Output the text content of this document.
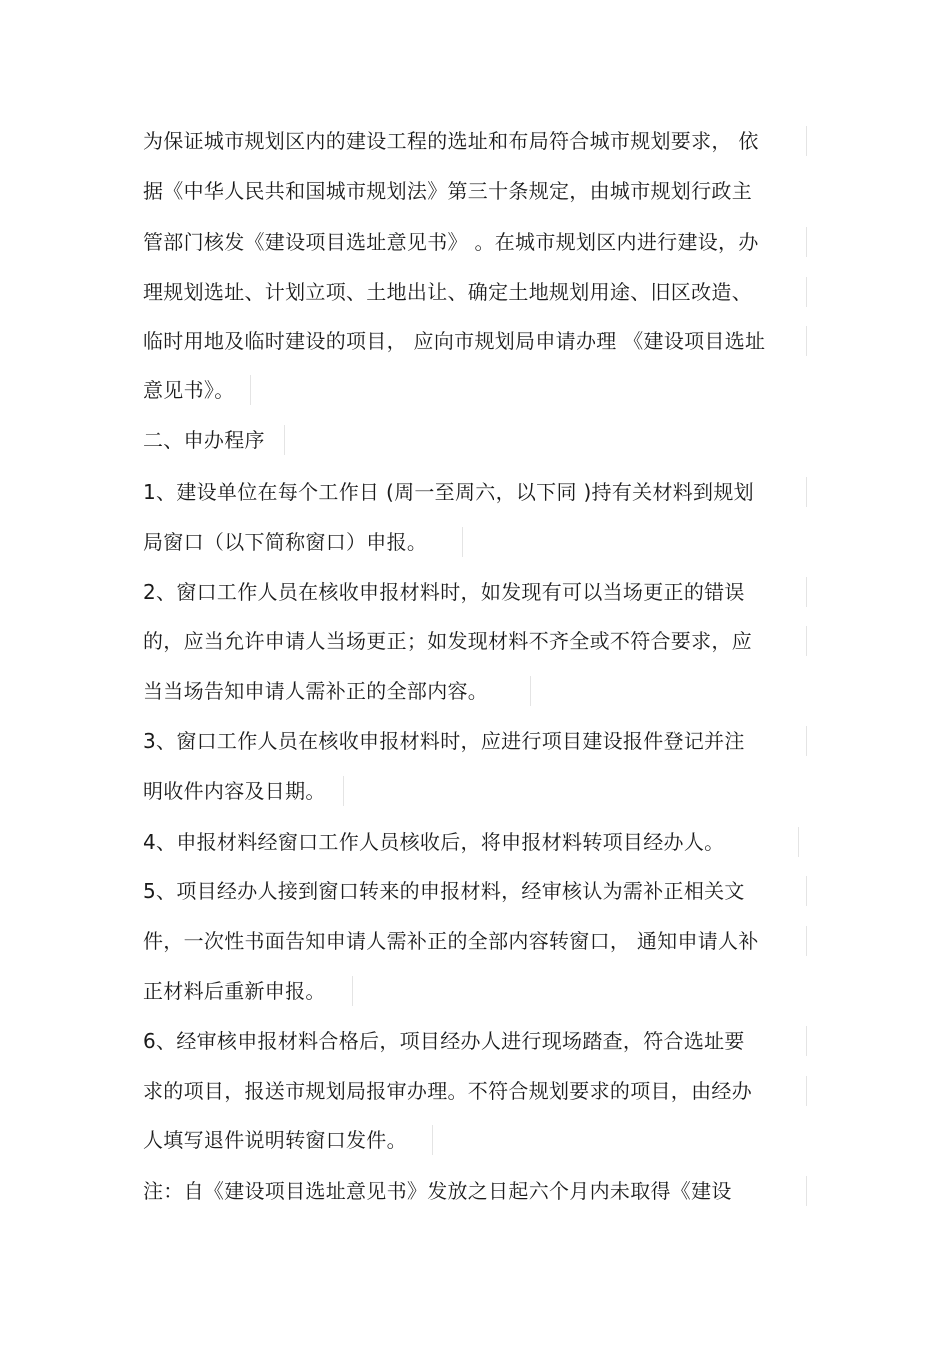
为保证城市规划区内的建设工程的选址和布局符合城市规划要求， 依
据《中华人民共和国城市规划法》第三十条规定，由城市规划行政主
管部门核发《建设项目选址意见书》 。在城市规划区内进行建设，办
理规划选址、计划立项、土地出让、确定土地规划用途、旧区改造、
临时用地及临时建设的项目， 应向市规划局申请办理 《建设项目选址
意见书》。
二、申办程序
1、建设单位在每个工作日 (周一至周六，以下同 )持有关材料到规划
局窗口（以下简称窗口）申报。
2、窗口工作人员在核收申报材料时，如发现有可以当场更正的错误
的，应当允许申请人当场更正；如发现材料不齐全或不符合要求，应
当当场告知申请人需补正的全部内容。
3、窗口工作人员在核收申报材料时，应进行项目建设报件登记并注
明收件内容及日期。
4、申报材料经窗口工作人员核收后，将申报材料转项目经办人。
5、项目经办人接到窗口转来的申报材料，经审核认为需补正相关文
件，一次性书面告知申请人需补正的全部内容转窗口， 通知申请人补
正材料后重新申报。
6、经审核申报材料合格后，项目经办人进行现场踏查，符合选址要
求的项目，报送市规划局报审办理。不符合规划要求的项目，由经办
人填写退件说明转窗口发件。
注：自《建设项目选址意见书》发放之日起六个月内未取得《建设
